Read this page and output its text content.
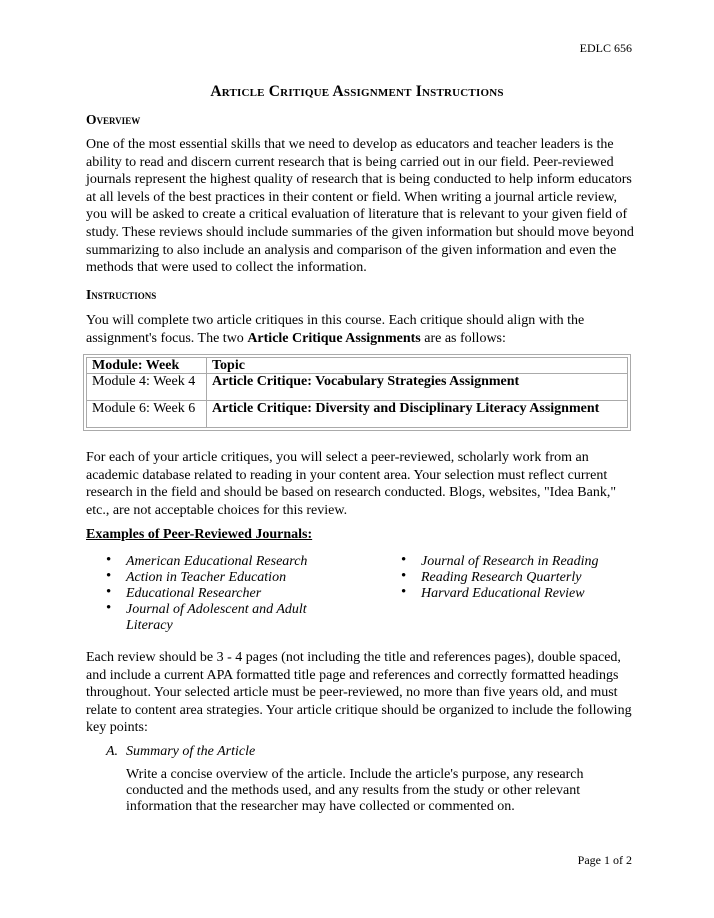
EDLC 656
Article Critique Assignment Instructions
Overview
One of the most essential skills that we need to develop as educators and teacher leaders is the ability to read and discern current research that is being carried out in our field. Peer-reviewed journals represent the highest quality of research that is being conducted to help inform educators at all levels of the best practices in their content or field. When writing a journal article review, you will be asked to create a critical evaluation of literature that is relevant to your given field of study. These reviews should include summaries of the given information but should move beyond summarizing to also include an analysis and comparison of the given information and even the methods that were used to collect the information.
Instructions
You will complete two article critiques in this course. Each critique should align with the assignment's focus. The two Article Critique Assignments are as follows:
Module: Week	Topic
Module 4: Week 4	Article Critique: Vocabulary Strategies Assignment
Module 6: Week 6	Article Critique: Diversity and Disciplinary Literacy Assignment
For each of your article critiques, you will select a peer-reviewed, scholarly work from an academic database related to reading in your content area. Your selection must reflect current research in the field and should be based on research conducted. Blogs, websites, "Idea Bank," etc., are not acceptable choices for this review.
Examples of Peer-Reviewed Journals:
• American Educational Research
• Action in Teacher Education
• Educational Researcher
• Journal of Adolescent and Adult Literacy
• Journal of Research in Reading
• Reading Research Quarterly
• Harvard Educational Review
Each review should be 3 - 4 pages (not including the title and references pages), double spaced, and include a current APA formatted title page and references and correctly formatted headings throughout. Your selected article must be peer-reviewed, no more than five years old, and must relate to content area strategies. Your article critique should be organized to include the following key points:
A. Summary of the Article
Write a concise overview of the article. Include the article's purpose, any research conducted and the methods used, and any results from the study or other relevant information that the researcher may have collected or commented on.
Page 1 of 2
